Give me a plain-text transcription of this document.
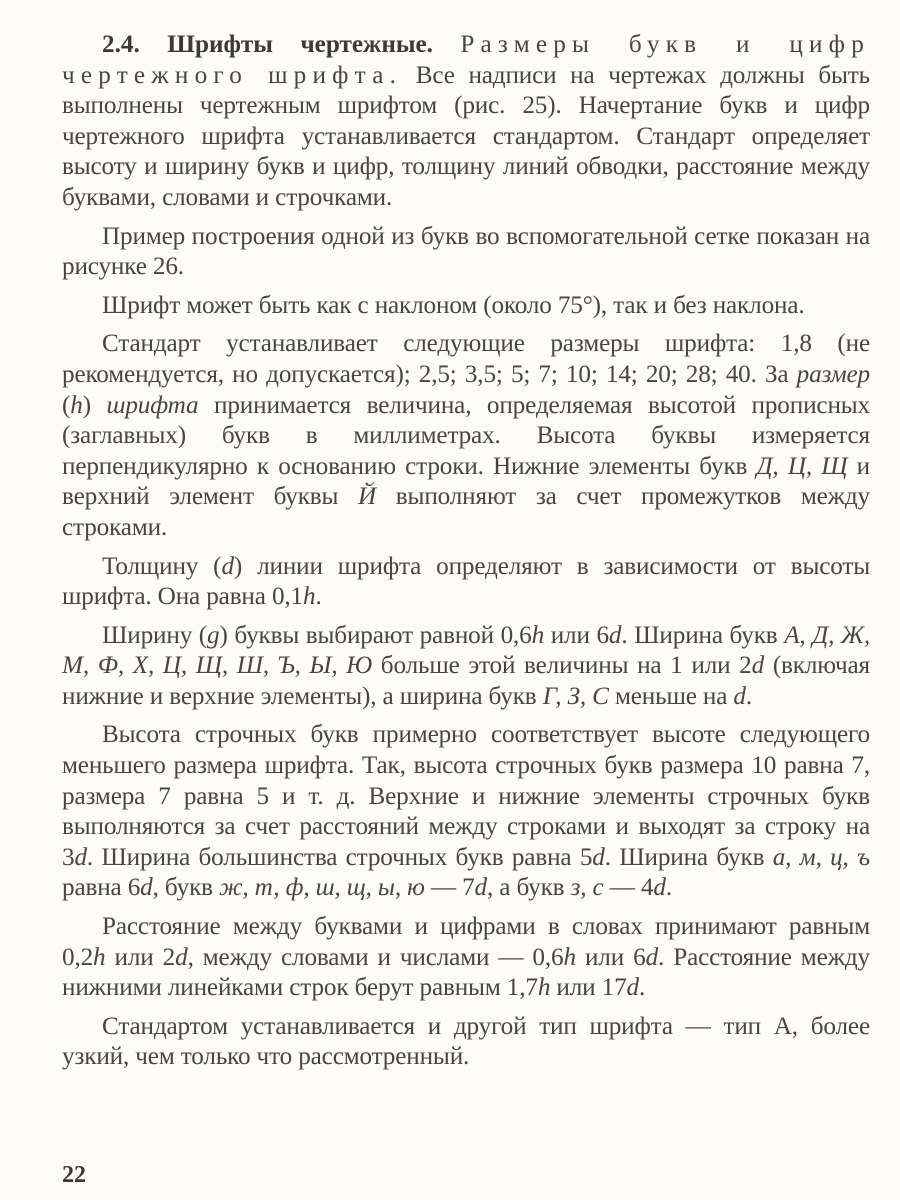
2.4. Шрифты чертежные. Размеры букв и цифр чертежного шрифта. Все надписи на чертежах должны быть выполнены чертежным шрифтом (рис. 25). Начертание букв и цифр чертежного шрифта устанавливается стандартом. Стандарт определяет высоту и ширину букв и цифр, толщину линий обводки, расстояние между буквами, словами и строчками.

Пример построения одной из букв во вспомогательной сетке показан на рисунке 26.

Шрифт может быть как с наклоном (около 75°), так и без наклона.

Стандарт устанавливает следующие размеры шрифта: 1,8 (не рекомендуется, но допускается); 2,5; 3,5; 5; 7; 10; 14; 20; 28; 40. За размер (h) шрифта принимается величина, определяемая высотой прописных (заглавных) букв в миллиметрах. Высота буквы измеряется перпендикулярно к основанию строки. Нижние элементы букв Д, Ц, Щ и верхний элемент буквы Й выполняют за счет промежутков между строками.

Толщину (d) линии шрифта определяют в зависимости от высоты шрифта. Она равна 0,1h.

Ширину (g) буквы выбирают равной 0,6h или 6d. Ширина букв А, Д, Ж, М, Ф, Х, Ц, Щ, Ш, Ъ, Ы, Ю больше этой величины на 1 или 2d (включая нижние и верхние элементы), а ширина букв Г, З, С меньше на d.

Высота строчных букв примерно соответствует высоте следующего меньшего размера шрифта. Так, высота строчных букв размера 10 равна 7, размера 7 равна 5 и т. д. Верхние и нижние элементы строчных букв выполняются за счет расстояний между строками и выходят за строку на 3d. Ширина большинства строчных букв равна 5d. Ширина букв а, м, ц, ъ равна 6d, букв ж, т, ф, ш, щ, ы, ю — 7d, а букв з, с — 4d.

Расстояние между буквами и цифрами в словах принимают равным 0,2h или 2d, между словами и числами — 0,6h или 6d. Расстояние между нижними линейками строк берут равным 1,7h или 17d.

Стандартом устанавливается и другой тип шрифта — тип А, более узкий, чем только что рассмотренный.

22
